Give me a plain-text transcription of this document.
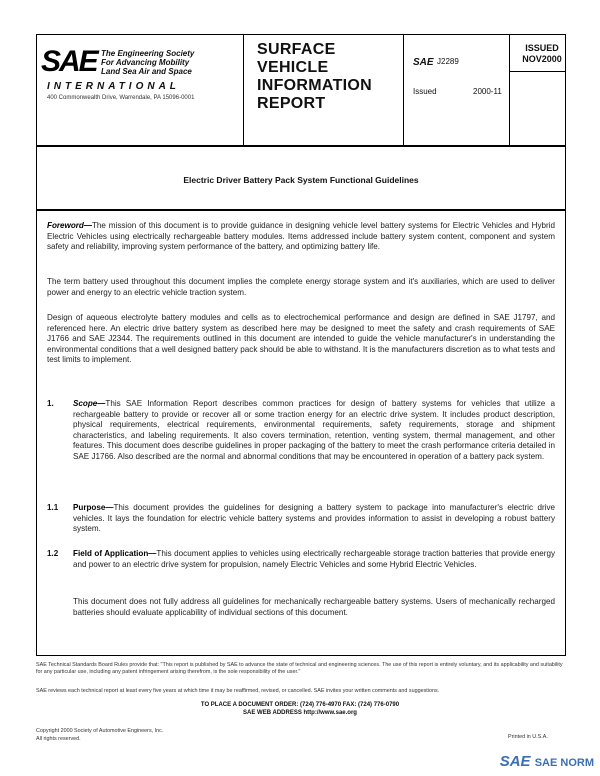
SAE The Engineering Society
For Advancing Mobility
Land Sea Air and Space
INTERNATIONAL
400 Commonwealth Drive, Warrendale, PA 15096-0001
SURFACE
VEHICLE
INFORMATION
REPORT
SAE J2289
Issued	2000-11
ISSUED
NOV2000
Electric Driver Battery Pack System Functional Guidelines
Foreword—The mission of this document is to provide guidance in designing vehicle level battery systems for Electric Vehicles and Hybrid Electric Vehicles using electrically rechargeable battery modules. Items addressed include battery system content, component and system safety and reliability, improving system performance of the battery, and optimizing battery life.
The term battery used throughout this document implies the complete energy storage system and it's auxiliaries, which are used to deliver power and energy to an electric vehicle traction system.
Design of aqueous electrolyte battery modules and cells as to electrochemical performance and design are defined in SAE J1797, and referenced here. An electric drive battery system as described here may be designed to meet the safety and crash requirements of SAE J1766 and SAE J2344. The requirements outlined in this document are intended to guide the vehicle manufacturer's in understanding the environmental conditions that a well designed battery pack should be able to withstand. It is the manufacturers discretion as to what tests and test limits to implement.
1. Scope—This SAE Information Report describes common practices for design of battery systems for vehicles that utilize a rechargeable battery to provide or recover all or some traction energy for an electric drive system. It includes product description, physical requirements, electrical requirements, environmental requirements, safety requirements, storage and shipment characteristics, and labeling requirements. It also covers termination, retention, venting system, thermal management, and other features. This document does describe guidelines in proper packaging of the battery to meet the crash performance criteria detailed in SAE J1766. Also described are the normal and abnormal conditions that may be encountered in operation of a battery pack system.
1.1 Purpose—This document provides the guidelines for designing a battery system to package into manufacturer's electric drive vehicles. It lays the foundation for electric vehicle battery systems and provides information to assist in developing a robust battery system.
1.2 Field of Application—This document applies to vehicles using electrically rechargeable storage traction batteries that provide energy and power to an electric drive system for propulsion, namely Electric Vehicles and some Hybrid Electric Vehicles.
This document does not fully address all guidelines for mechanically rechargeable battery systems. Users of mechanically recharged batteries should evaluate applicability of individual sections of this document.
SAE Technical Standards Board Rules provide that: "This report is published by SAE to advance the state of technical and engineering sciences. The use of this report is entirely voluntary, and its applicability and suitability for any particular use, including any patent infringement arising therefrom, is the sole responsibility of the user."
SAE reviews each technical report at least every five years at which time it may be reaffirmed, revised, or cancelled. SAE invites your written comments and suggestions.
TO PLACE A DOCUMENT ORDER: (724) 776-4970 FAX: (724) 776-0790
SAE WEB ADDRESS http://www.sae.org
Copyright 2000 Society of Automotive Engineers, Inc.
All rights reserved.	Printed in U.S.A.
SAE SAE NORM
